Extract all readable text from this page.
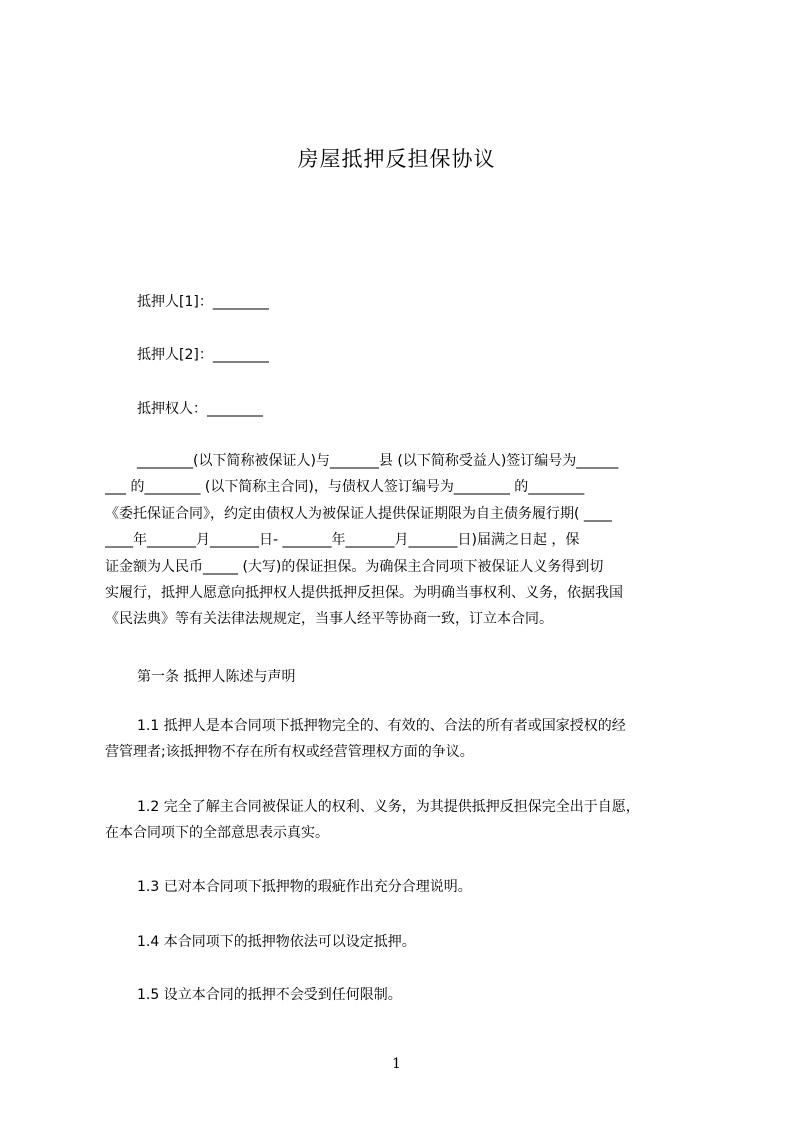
房屋抵押反担保协议
抵押人[1]：________
抵押人[2]：________
抵押权人：________
________(以下简称被保证人)与_______县 (以下简称受益人)签订编号为______
___ 的________ (以下简称主合同)，与债权人签订编号为________ 的________
《委托保证合同》，约定由债权人为被保证人提供保证期限为自主债务履行期( ____
____年_______月_______日- _______年_______月_______日)届满之日起 ，保
证金额为人民币_____ (大写)的保证担保。为确保主合同项下被保证人义务得到切
实履行，抵押人愿意向抵押权人提供抵押反担保。为明确当事权利、义务，依据我国
《民法典》等有关法律法规规定，当事人经平等协商一致，订立本合同。
第一条 抵押人陈述与声明
1.1 抵押人是本合同项下抵押物完全的、有效的、合法的所有者或国家授权的经
营管理者;该抵押物不存在所有权或经营管理权方面的争议。
1.2 完全了解主合同被保证人的权利、义务，为其提供抵押反担保完全出于自愿，
在本合同项下的全部意思表示真实。
1.3 已对本合同项下抵押物的瑕疵作出充分合理说明。
1.4 本合同项下的抵押物依法可以设定抵押。
1.5 设立本合同的抵押不会受到任何限制。
1
